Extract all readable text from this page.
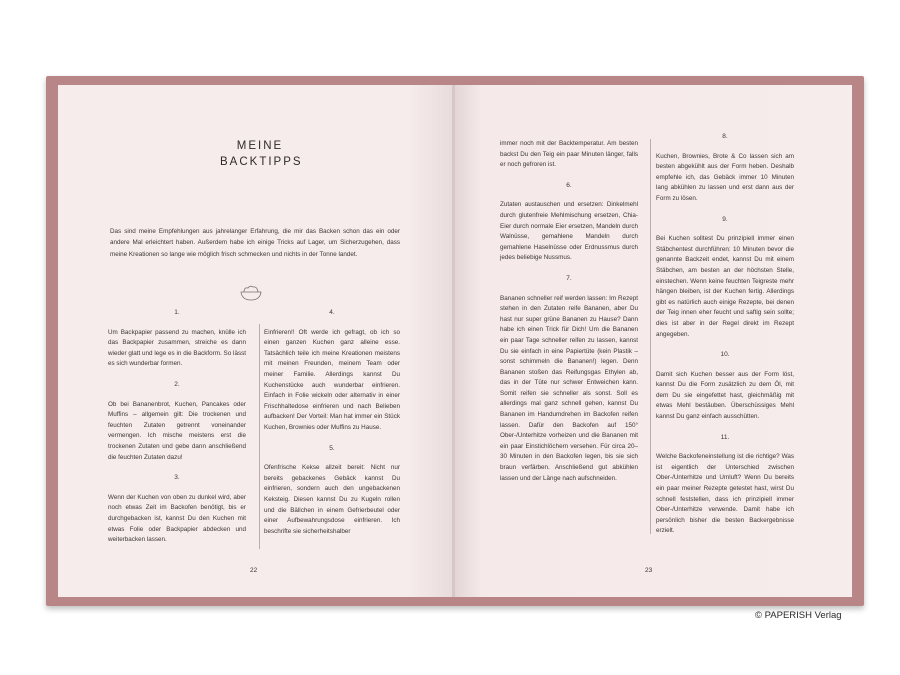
MEINE BACKTIPPS
Das sind meine Empfehlungen aus jahrelanger Erfahrung, die mir das Backen schon das ein oder andere Mal erleichtert haben. Außerdem habe ich einige Tricks auf Lager, um Sicherzugehen, dass meine Kreationen so lange wie möglich frisch schmecken und nichts in der Tonne landet.
1.

Um Backpapier passend zu machen, knülle ich das Backpapier zusammen, streiche es dann wieder glatt und lege es in die Backform. So lässt es sich wunderbar formen.

2.

Ob bei Bananenbrot, Kuchen, Pancakes oder Muffins – allgemein gilt: Die trockenen und feuchten Zutaten getrennt voneinander vermengen. Ich mische meistens erst die trockenen Zutaten und gebe dann anschließend die feuchten Zutaten dazu!

3.

Wenn der Kuchen von oben zu dunkel wird, aber noch etwas Zeit im Backofen benötigt, bis er durchgebacken ist, kannst Du den Kuchen mit etwas Folie oder Backpapier abdecken und weiterbacken lassen.

4.

Einfrieren!! Oft werde ich gefragt, ob ich so einen ganzen Kuchen ganz alleine esse. Tatsächlich teile ich meine Kreationen meistens mit meinen Freunden, meinem Team oder meiner Familie. Allerdings kannst Du Kuchenstücke auch wunderbar einfrieren. Einfach in Folie wickeln oder alternativ in einer Frischhaltedose einfrieren und nach Belieben aufbacken! Der Vorteil: Man hat immer ein Stück Kuchen, Brownies oder Muffins zu Hause.

5.

Ofenfrische Kekse allzeit bereit: Nicht nur bereits gebackenes Gebäck kannst Du einfrieren, sondern auch den ungebackenen Keksteig. Diesen kannst Du zu Kugeln rollen und die Bällchen in einem Gefrierbeutel oder einer Aufbewahrungsdose einfrieren. Ich beschrifte sie sicherheitshalber

immer noch mit der Backtemperatur. Am besten backst Du den Teig ein paar Minuten länger, falls er noch gefroren ist.

6.

Zutaten austauschen und ersetzen: Dinkelmehl durch glutenfreie Mehlmischung ersetzen, Chia-Eier durch normale Eier ersetzen, Mandeln durch Walnüsse, gemahlene Mandeln durch gemahlene Haselnüsse oder Erdnussmus durch jedes beliebige Nussmus.

7.

Bananen schneller reif werden lassen: Im Rezept stehen in den Zutaten reife Bananen, aber Du hast nur super grüne Bananen zu Hause? Dann habe ich einen Trick für Dich! Um die Bananen ein paar Tage schneller reifen zu lassen, kannst Du sie einfach in eine Papiertüte (kein Plastik – sonst schimmeln die Bananen!) legen. Denn Bananen stoßen das Reifungsgas Ethylen ab, das in der Tüte nur schwer Entweichen kann. Somit reifen sie schneller als sonst. Soll es allerdings mal ganz schnell gehen, kannst Du Bananen im Handumdrehen im Backofen reifen lassen. Dafür den Backofen auf 150° Ober-/Unterhitze vorheizen und die Bananen mit ein paar Einstichlöchern versehen. Für circa 20–30 Minuten in den Backofen legen, bis sie sich braun verfärben. Anschließend gut abkühlen lassen und der Länge nach aufschneiden.

8.

Kuchen, Brownies, Brote & Co lassen sich am besten abgekühlt aus der Form heben. Deshalb empfehle ich, das Gebäck immer 10 Minuten lang abkühlen zu lassen und erst dann aus der Form zu lösen.

9.

Bei Kuchen solltest Du prinzipiell immer einen Stäbchentest durchführen: 10 Minuten bevor die genannte Backzeit endet, kannst Du mit einem Stäbchen, am besten an der höchsten Stelle, einstechen. Wenn keine feuchten Teigreste mehr hängen bleiben, ist der Kuchen fertig. Allerdings gibt es natürlich auch einige Rezepte, bei denen der Teig innen eher feucht und saftig sein sollte; dies ist aber in der Regel direkt im Rezept angegeben.

10.

Damit sich Kuchen besser aus der Form löst, kannst Du die Form zusätzlich zu dem Öl, mit dem Du sie eingefettet hast, gleichmäßig mit etwas Mehl bestäuben. Überschüssiges Mehl kannst Du ganz einfach ausschütten.

11.

Welche Backofeneinstellung ist die richtige? Was ist eigentlich der Unterschied zwischen Ober-/Unterhitze und Umluft? Wenn Du bereits ein paar meiner Rezepte getestet hast, wirst Du schnell feststellen, dass ich prinzipiell immer Ober-/Unterhitze verwende. Damit habe ich persönlich bisher die besten Backergebnisse erzielt.

22	23
© PAPERISH Verlag
